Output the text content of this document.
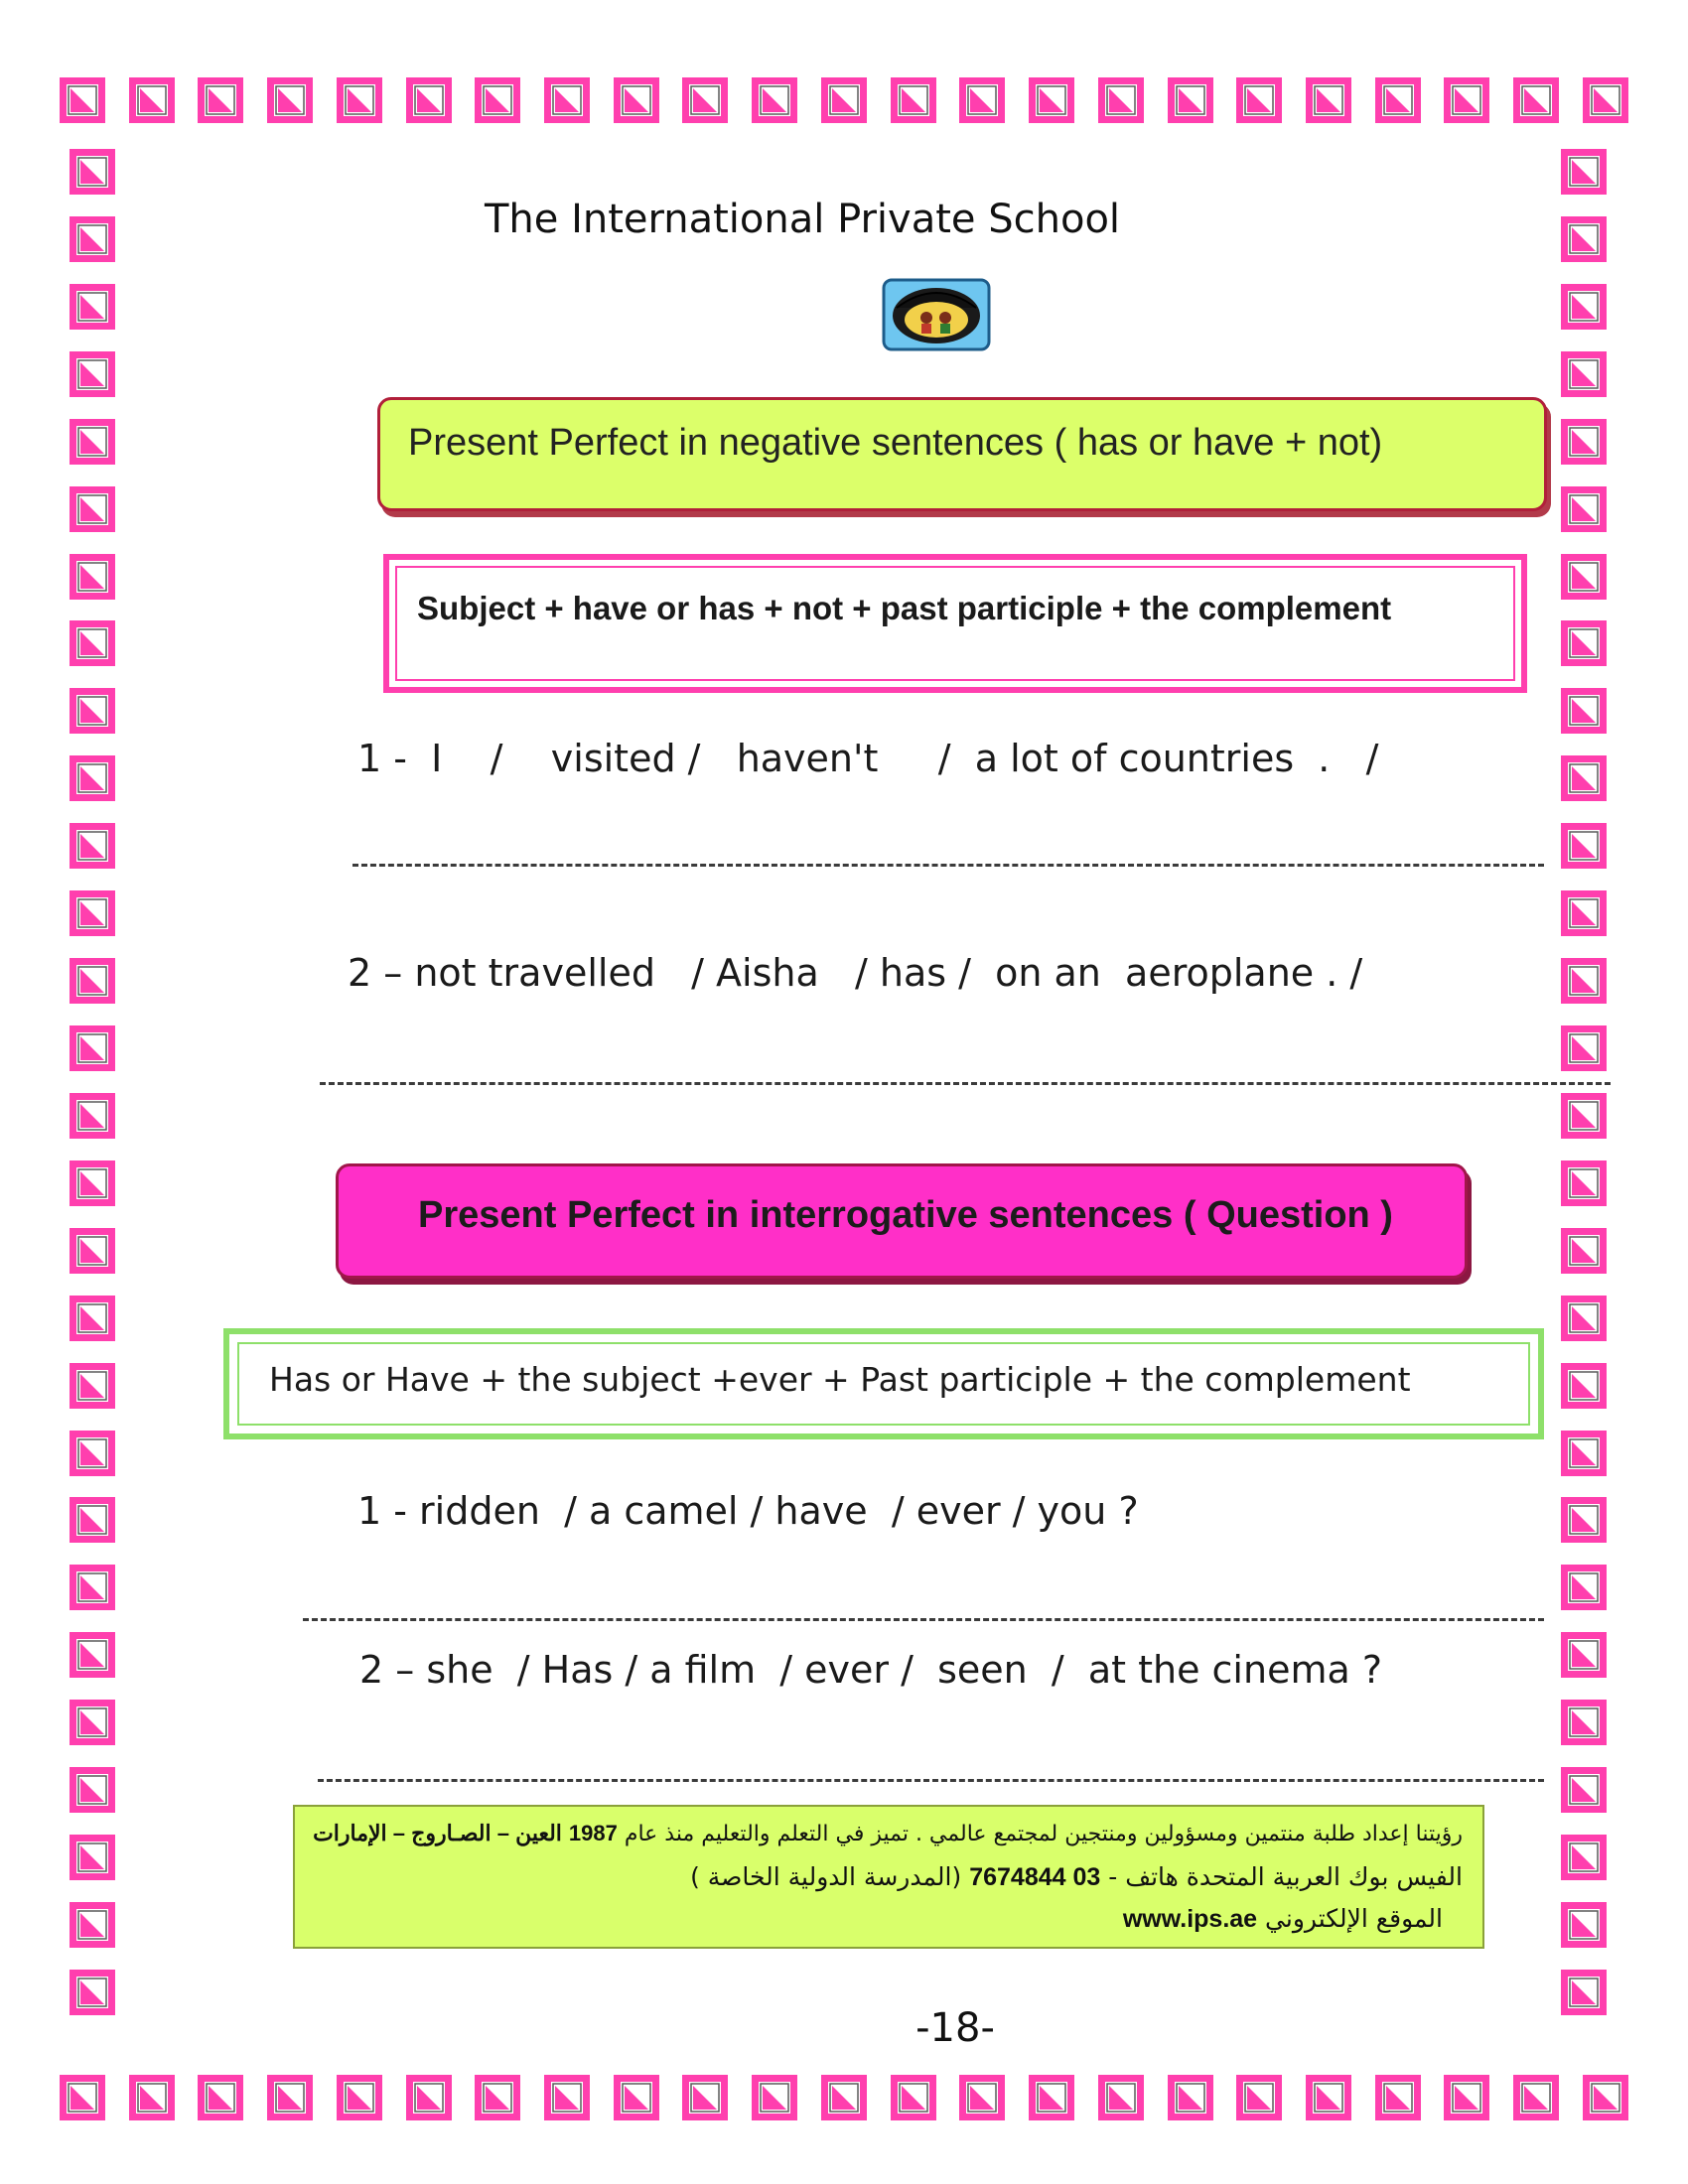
The International Private School
Present Perfect in negative sentences ( has or have + not)
Subject + have or has + not + past participle + the complement
1 -  I    /    visited /   haven't     /  a lot of countries  .   /
2 – not travelled   / Aisha   / has /  on an  aeroplane . /
Present Perfect in interrogative sentences ( Question )
Has or Have + the subject +ever + Past participle + the complement
1 - ridden  / a camel / have  / ever / you ?
2 – she  / Has / a film  / ever /  seen  /  at the cinema ?
رؤيتنا إعداد طلبة منتمين ومسؤولين ومنتجين لمجتمع عالمي . تميز في التعلم والتعليم منذ عام 1987 العين – الصـاروج – الإمارات
الفيس بوك العربية المتحدة هاتف - 03 7674844 (المدرسة الدولية الخاصة )
الموقع الإلكتروني www.ips.ae
-18-
